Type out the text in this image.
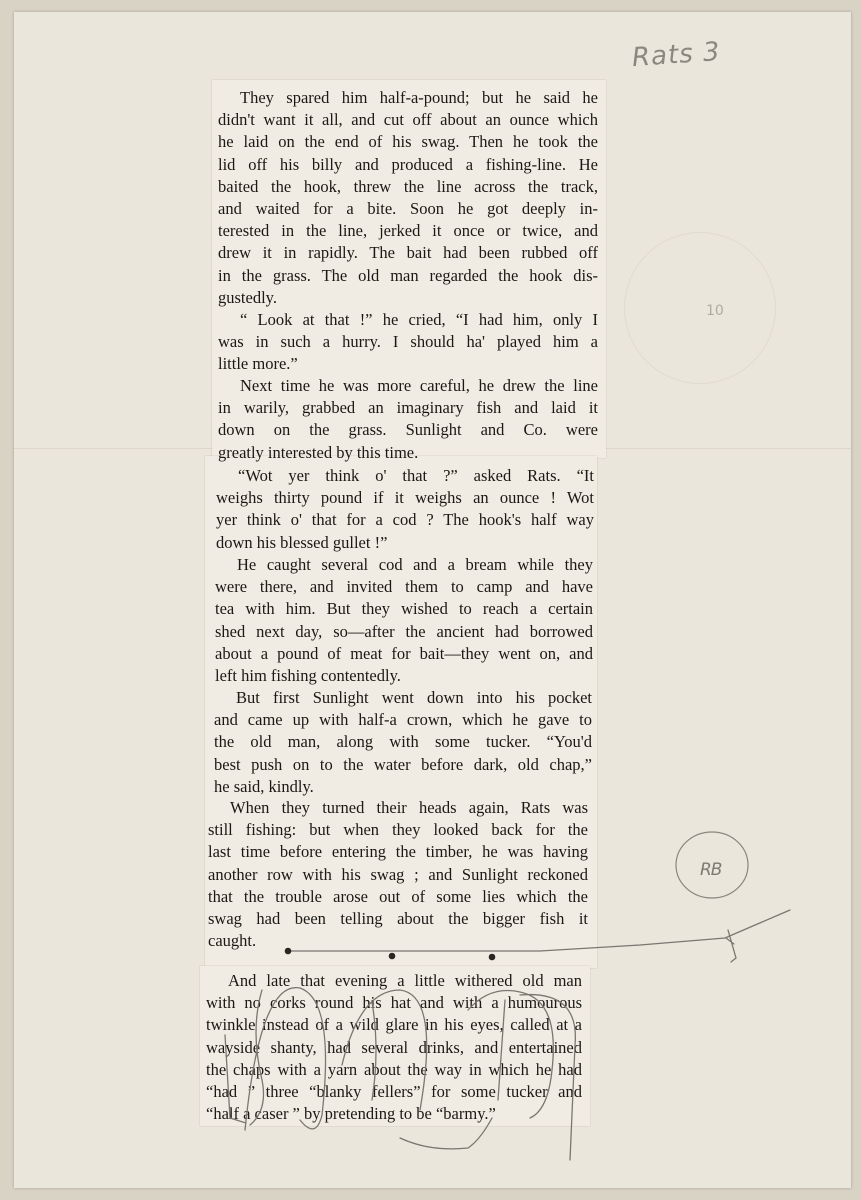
Rats 3
10
They spared him half-a-pound; but he said he
didn't want it all, and cut off about an ounce which
he laid on the end of his swag. Then he took the
lid off his billy and produced a fishing-line. He
baited the hook, threw the line across the track,
and waited for a bite. Soon he got deeply in-
terested in the line, jerked it once or twice, and
drew it in rapidly. The bait had been rubbed off
in the grass. The old man regarded the hook dis-
gustedly.
“ Look at that !” he cried, “I had him, only I
was in such a hurry. I should ha' played him a
little more.”
Next time he was more careful, he drew the line
in warily, grabbed an imaginary fish and laid it
down on the grass. Sunlight and Co. were
greatly interested by this time.
“Wot yer think o' that ?” asked Rats. “It
weighs thirty pound if it weighs an ounce ! Wot
yer think o' that for a cod ? The hook's half way
down his blessed gullet !”
He caught several cod and a bream while they
were there, and invited them to camp and have
tea with him. But they wished to reach a certain
shed next day, so—after the ancient had borrowed
about a pound of meat for bait—they went on, and
left him fishing contentedly.
But first Sunlight went down into his pocket
and came up with half-a crown, which he gave to
the old man, along with some tucker. “You'd
best push on to the water before dark, old chap,”
he said, kindly.
When they turned their heads again, Rats was
still fishing: but when they looked back for the
last time before entering the timber, he was having
another row with his swag ; and Sunlight reckoned
that the trouble arose out of some lies which the
swag had been telling about the bigger fish it
caught.
And late that evening a little withered old man
with no corks round his hat and with a humourous
twinkle instead of a wild glare in his eyes, called at a
wayside shanty, had several drinks, and entertained
the chaps with a yarn about the way in which he had
“had ” three “blanky fellers” for some tucker and
“half a caser ” by pretending to be “barmy.”
RB
